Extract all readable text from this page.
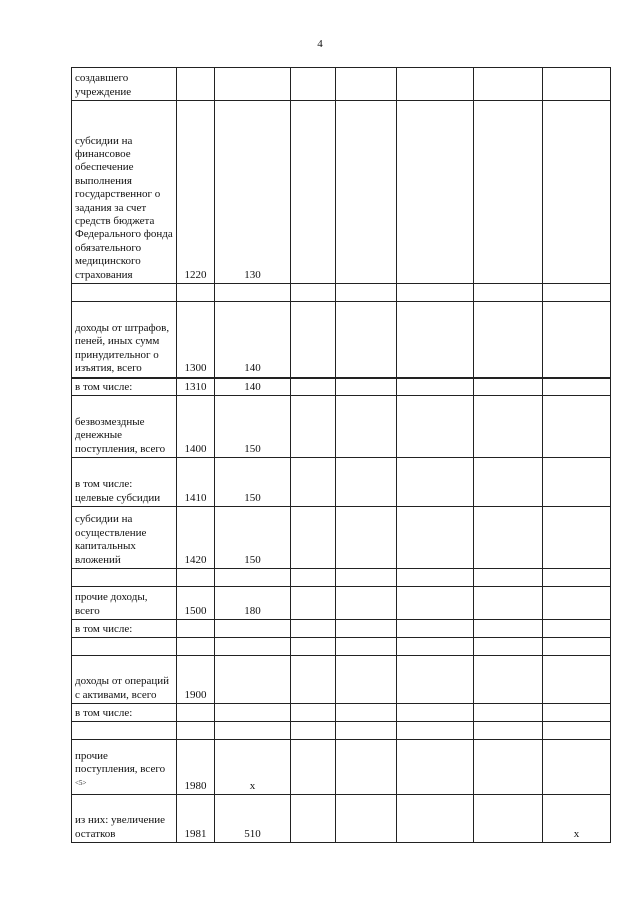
4
создавшего учреждение							
субсидии на финансовое обеспечение выполнения государственног о задания за счет средств бюджета Федерального фонда обязательного медицинского страхования	1220	130					

доходы от штрафов, пеней, иных сумм принудительног о изъятия, всего	1300	140					
в том числе:	1310	140					
безвозмездные денежные поступления, всего	1400	150					
в том числе: целевые субсидии	1410	150					
субсидии на осуществление капитальных вложений	1420	150					

прочие доходы, всего	1500	180					
в том числе:							

доходы от операций с активами, всего	1900						
в том числе:							

прочие поступления, всего $^{<5>}$	1980	x					
из них: увеличение остатков	1981	510					x
